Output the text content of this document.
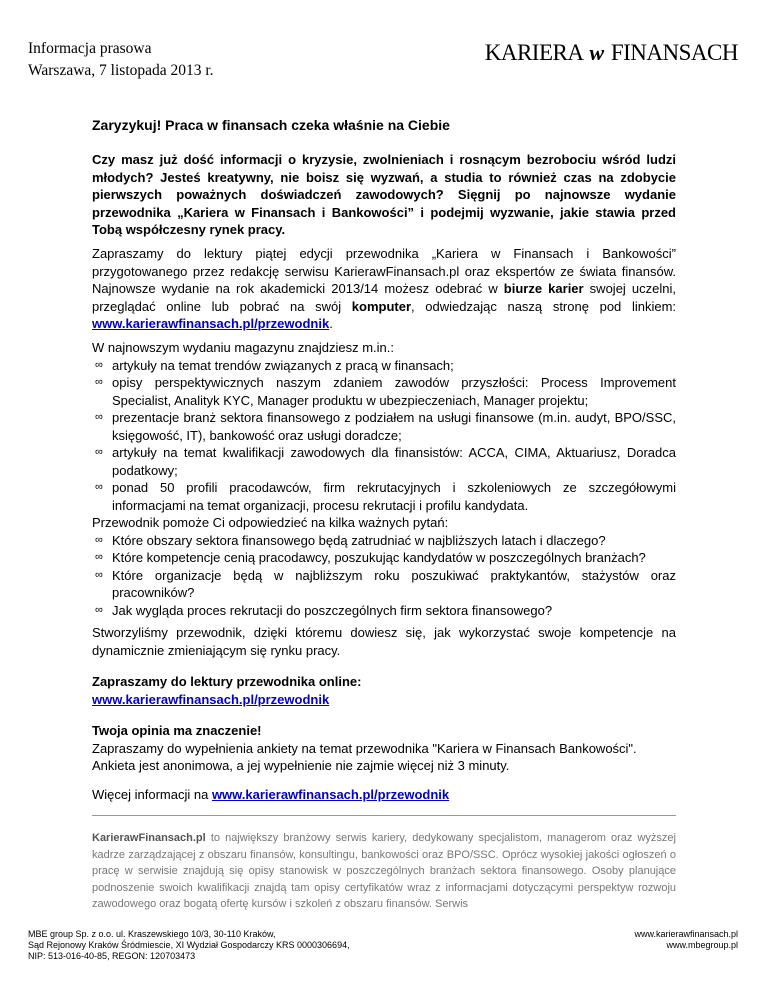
Informacja prasowa
Warszawa, 7 listopada 2013 r.
KARIERA w FINANSACH
Zaryzykuj! Praca w finansach czeka właśnie na Ciebie
Czy masz już dość informacji o kryzysie, zwolnieniach i rosnącym bezrobociu wśród ludzi młodych? Jesteś kreatywny, nie boisz się wyzwań, a studia to również czas na zdobycie pierwszych poważnych doświadczeń zawodowych? Sięgnij po najnowsze wydanie przewodnika „Kariera w Finansach i Bankowości” i podejmij wyzwanie, jakie stawia przed Tobą współczesny rynek pracy.
Zapraszamy do lektury piątej edycji przewodnika „Kariera w Finansach i Bankowości” przygotowanego przez redakcję serwisu KarierawFinansach.pl oraz ekspertów ze świata finansów. Najnowsze wydanie na rok akademicki 2013/14 możesz odebrać w biurze karier swojej uczelni, przeglądać online lub pobrać na swój komputer, odwiedzając naszą stronę pod linkiem: www.karierawfinansach.pl/przewodnik.
W najnowszym wydaniu magazynu znajdziesz m.in.:
∞ artykuły na temat trendów związanych z pracą w finansach;
∞ opisy perspektywicznych naszym zdaniem zawodów przyszłości: Process Improvement Specialist, Analityk KYC, Manager produktu w ubezpieczeniach, Manager projektu;
∞ prezentacje branż sektora finansowego z podziałem na usługi finansowe (m.in. audyt, BPO/SSC, księgowość, IT), bankowość oraz usługi doradcze;
∞ artykuły na temat kwalifikacji zawodowych dla finansistów: ACCA, CIMA, Aktuariusz, Doradca podatkowy;
∞ ponad 50 profili pracodawców, firm rekrutacyjnych i szkoleniowych ze szczegółowymi informacjami na temat organizacji, procesu rekrutacji i profilu kandydata.
Przewodnik pomoże Ci odpowiedzieć na kilka ważnych pytań:
∞ Które obszary sektora finansowego będą zatrudniać w najbliższych latach i dlaczego?
∞ Które kompetencje cenią pracodawcy, poszukując kandydatów w poszczególnych branżach?
∞ Które organizacje będą w najbliższym roku poszukiwać praktykantów, stażystów oraz pracowników?
∞ Jak wygląda proces rekrutacji do poszczególnych firm sektora finansowego?
Stworzyliśmy przewodnik, dzięki któremu dowiesz się, jak wykorzystać swoje kompetencje na dynamicznie zmieniającym się rynku pracy.
Zapraszamy do lektury przewodnika online:
www.karierawfinansach.pl/przewodnik
Twoja opinia ma znaczenie!
Zapraszamy do wypełnienia ankiety na temat przewodnika "Kariera w Finansach Bankowości".
Ankieta jest anonimowa, a jej wypełnienie nie zajmie więcej niż 3 minuty.
Więcej informacji na www.karierawfinansach.pl/przewodnik
KarierawFinansach.pl to największy branżowy serwis kariery, dedykowany specjalistom, managerom oraz wyższej kadrze zarządzającej z obszaru finansów, konsultingu, bankowości oraz BPO/SSC. Oprócz wysokiej jakości ogłoszeń o pracę w serwisie znajdują się opisy stanowisk w poszczególnych branżach sektora finansowego. Osoby planujące podnoszenie swoich kwalifikacji znajdą tam opisy certyfikatów wraz z informacjami dotyczącymi perspektyw rozwoju zawodowego oraz bogatą ofertę kursów i szkoleń z obszaru finansów. Serwis
MBE group Sp. z o.o. ul. Kraszewskiego 10/3, 30-110 Kraków,
Sąd Rejonowy Kraków Śródmiescie, XI Wydział Gospodarczy KRS 0000306694,
NIP: 513-016-40-85, REGON: 120703473
www.karierawfinansach.pl
www.mbegroup.pl
